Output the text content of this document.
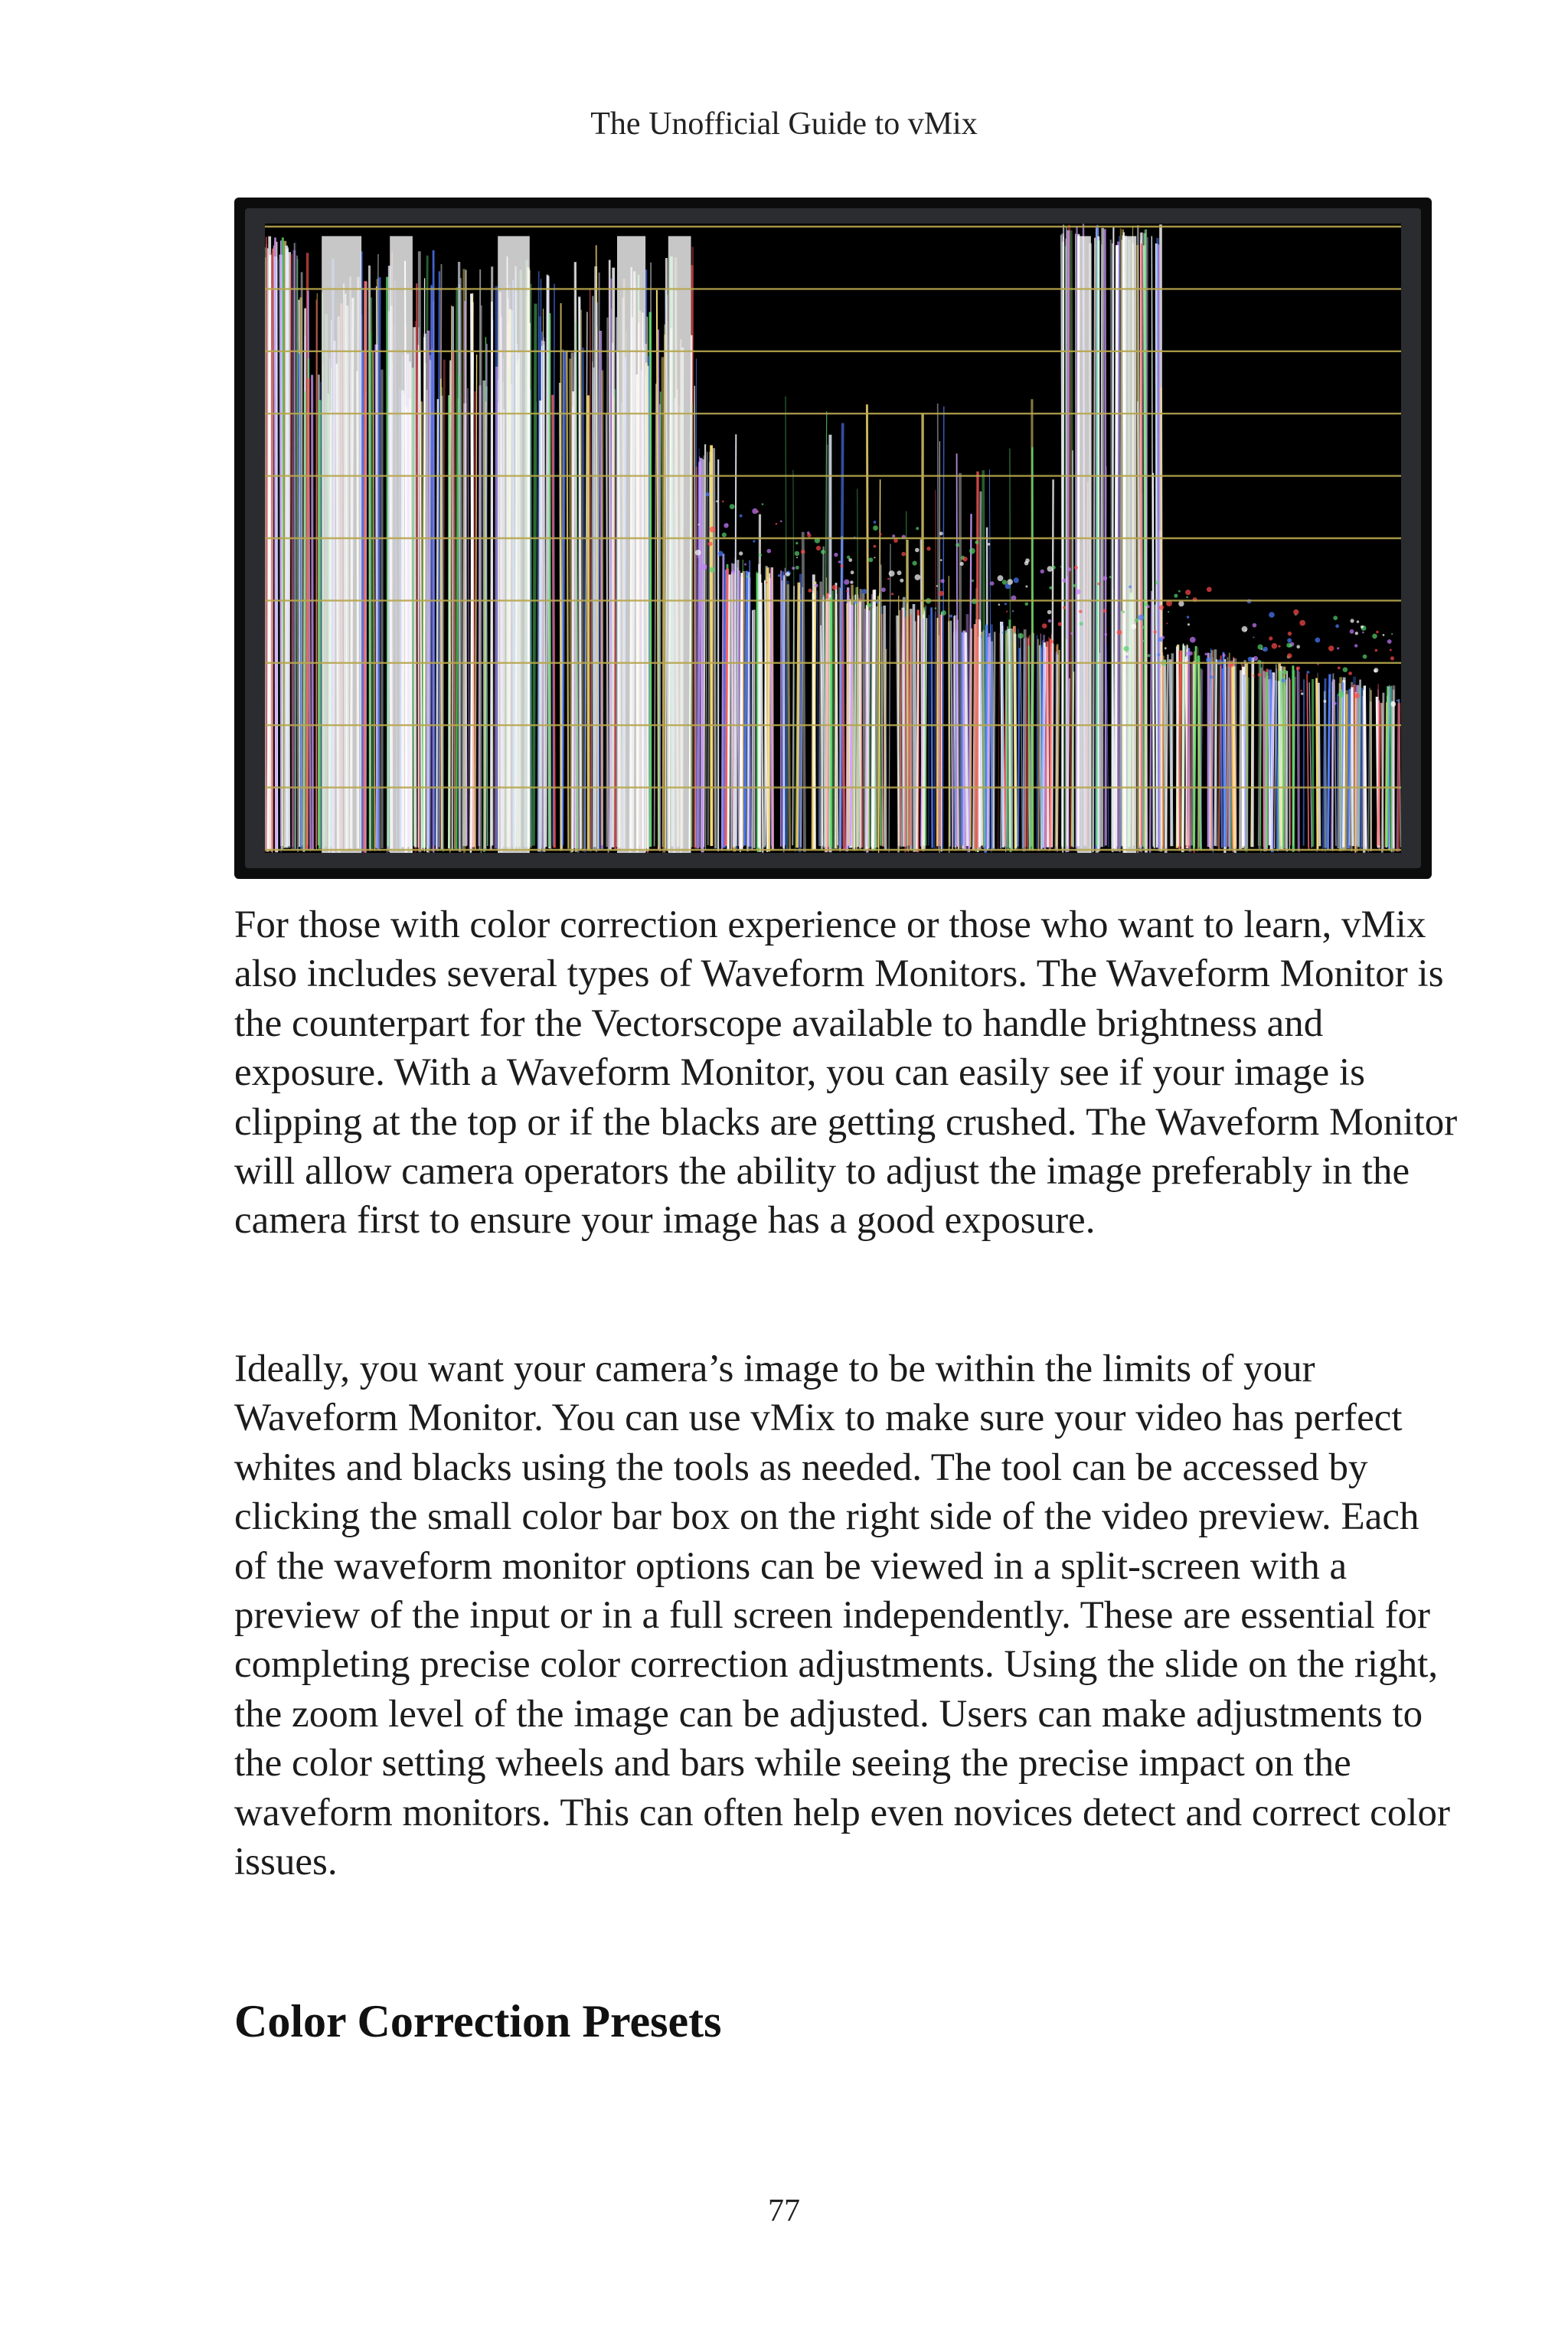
The Unofficial Guide to vMix

For those with color correction experience or those who want to learn, vMix also includes several types of Waveform Monitors. The Waveform Monitor is the counterpart for the Vectorscope available to handle brightness and exposure. With a Waveform Monitor, you can easily see if your image is clipping at the top or if the blacks are getting crushed. The Waveform Monitor will allow camera operators the ability to adjust the image preferably in the camera first to ensure your image has a good exposure.

Ideally, you want your camera’s image to be within the limits of your Waveform Monitor. You can use vMix to make sure your video has perfect whites and blacks using the tools as needed. The tool can be accessed by clicking the small color bar box on the right side of the video preview. Each of the waveform monitor options can be viewed in a split-screen with a preview of the input or in a full screen independently. These are essential for completing precise color correction adjustments. Using the slide on the right, the zoom level of the image can be adjusted. Users can make adjustments to the color setting wheels and bars while seeing the precise impact on the waveform monitors. This can often help even novices detect and correct color issues.

Color Correction Presets
77
